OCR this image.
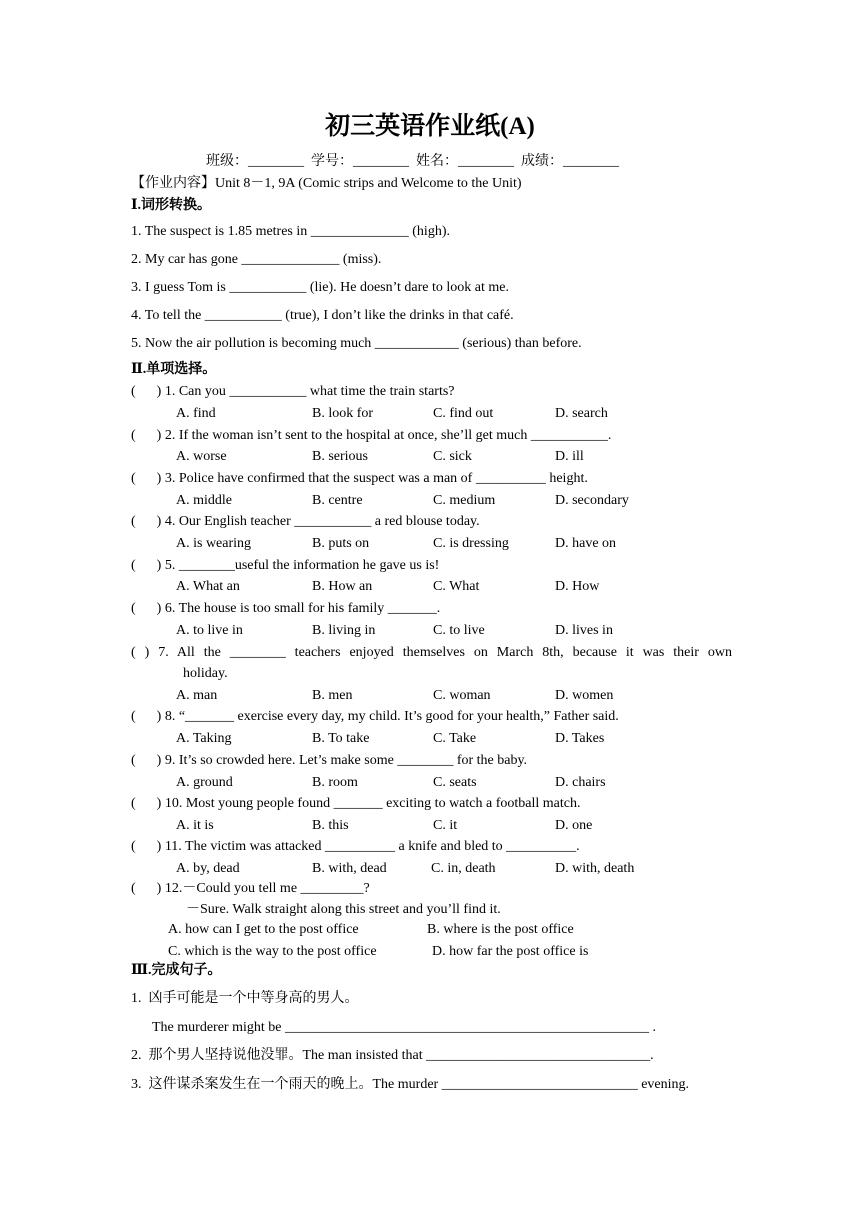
初三英语作业纸(A)
班级：________  学号：________  姓名：________  成绩：________
【作业内容】Unit 8－1, 9A (Comic strips and Welcome to the Unit)
Ⅰ.词形转换。
1. The suspect is 1.85 metres in ______________ (high).
2. My car has gone ______________ (miss).
3. I guess Tom is ___________ (lie). He doesn’t dare to look at me.
4. To tell the ___________ (true), I don’t like the drinks in that café.
5. Now the air pollution is becoming much ____________ (serious) than before.
Ⅱ.单项选择。
(      ) 1. Can you ___________ what time the train starts?
A. find	B. look for	C. find out	D. search
(      ) 2. If the woman isn’t sent to the hospital at once, she’ll get much ___________.
A. worse	B. serious	C. sick	D. ill
(      ) 3. Police have confirmed that the suspect was a man of __________ height.
A. middle	B. centre	C. medium	D. secondary
(      ) 4. Our English teacher ___________ a red blouse today.
A. is wearing	B. puts on	C. is dressing	D. have on
(      ) 5. ________useful the information he gave us is!
A. What an	B. How an	C. What	D. How
(      ) 6. The house is too small for his family _______.
A. to live in	B. living in	C. to live	D. lives in
( ) 7. All the ________ teachers enjoyed themselves on March 8th, because it was their own
holiday.
A. man	B. men	C. woman	D. women
(      ) 8. “_______ exercise every day, my child. It’s good for your health,” Father said.
A. Taking	B. To take	C. Take	D. Takes
(      ) 9. It’s so crowded here. Let’s make some ________ for the baby.
A. ground	B. room	C. seats	D. chairs
(      ) 10. Most young people found _______ exciting to watch a football match.
A. it is	B. this	C. it	D. one
(      ) 11. The victim was attacked __________ a knife and bled to __________.
A. by, dead	B. with, dead	C. in, death	D. with, death
(      ) 12.－Could you tell me _________?
－Sure. Walk straight along this street and you’ll find it.
A. how can I get to the post office	B. where is the post office
C. which is the way to the post office	D. how far the post office is
Ⅲ.完成句子。
1.  凶手可能是一个中等身高的男人。
The murderer might be ____________________________________________________ .
2.  那个男人坚持说他没罪。The man insisted that ________________________________.
3.  这件谋杀案发生在一个雨天的晚上。The murder ____________________________ evening.
